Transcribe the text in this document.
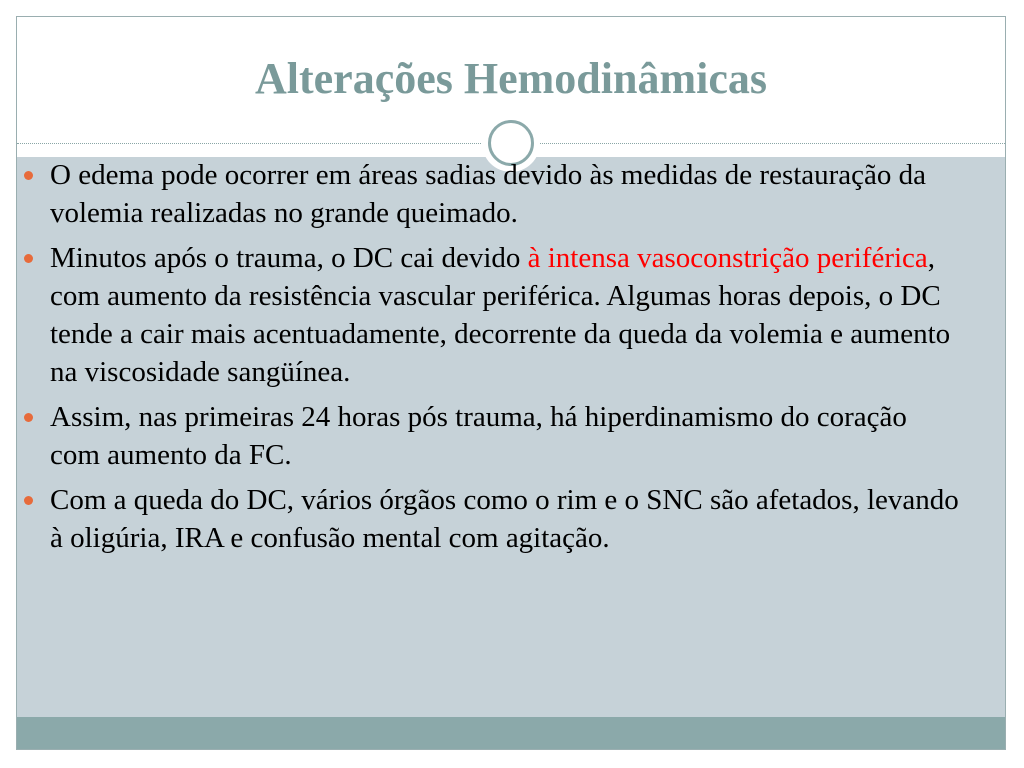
Alterações Hemodinâmicas
O edema pode ocorrer em áreas sadias devido às medidas de restauração da volemia realizadas no grande queimado.
Minutos após o trauma, o DC cai devido à intensa vasoconstrição periférica, com aumento da resistência vascular periférica. Algumas horas depois, o DC tende a cair mais acentuadamente, decorrente da queda da volemia e aumento na viscosidade sangüínea.
Assim, nas primeiras 24 horas pós trauma, há hiperdinamismo do coração com aumento da FC.
Com a queda do DC, vários órgãos como o rim e o SNC são afetados, levando à oligúria, IRA e confusão mental com agitação.
